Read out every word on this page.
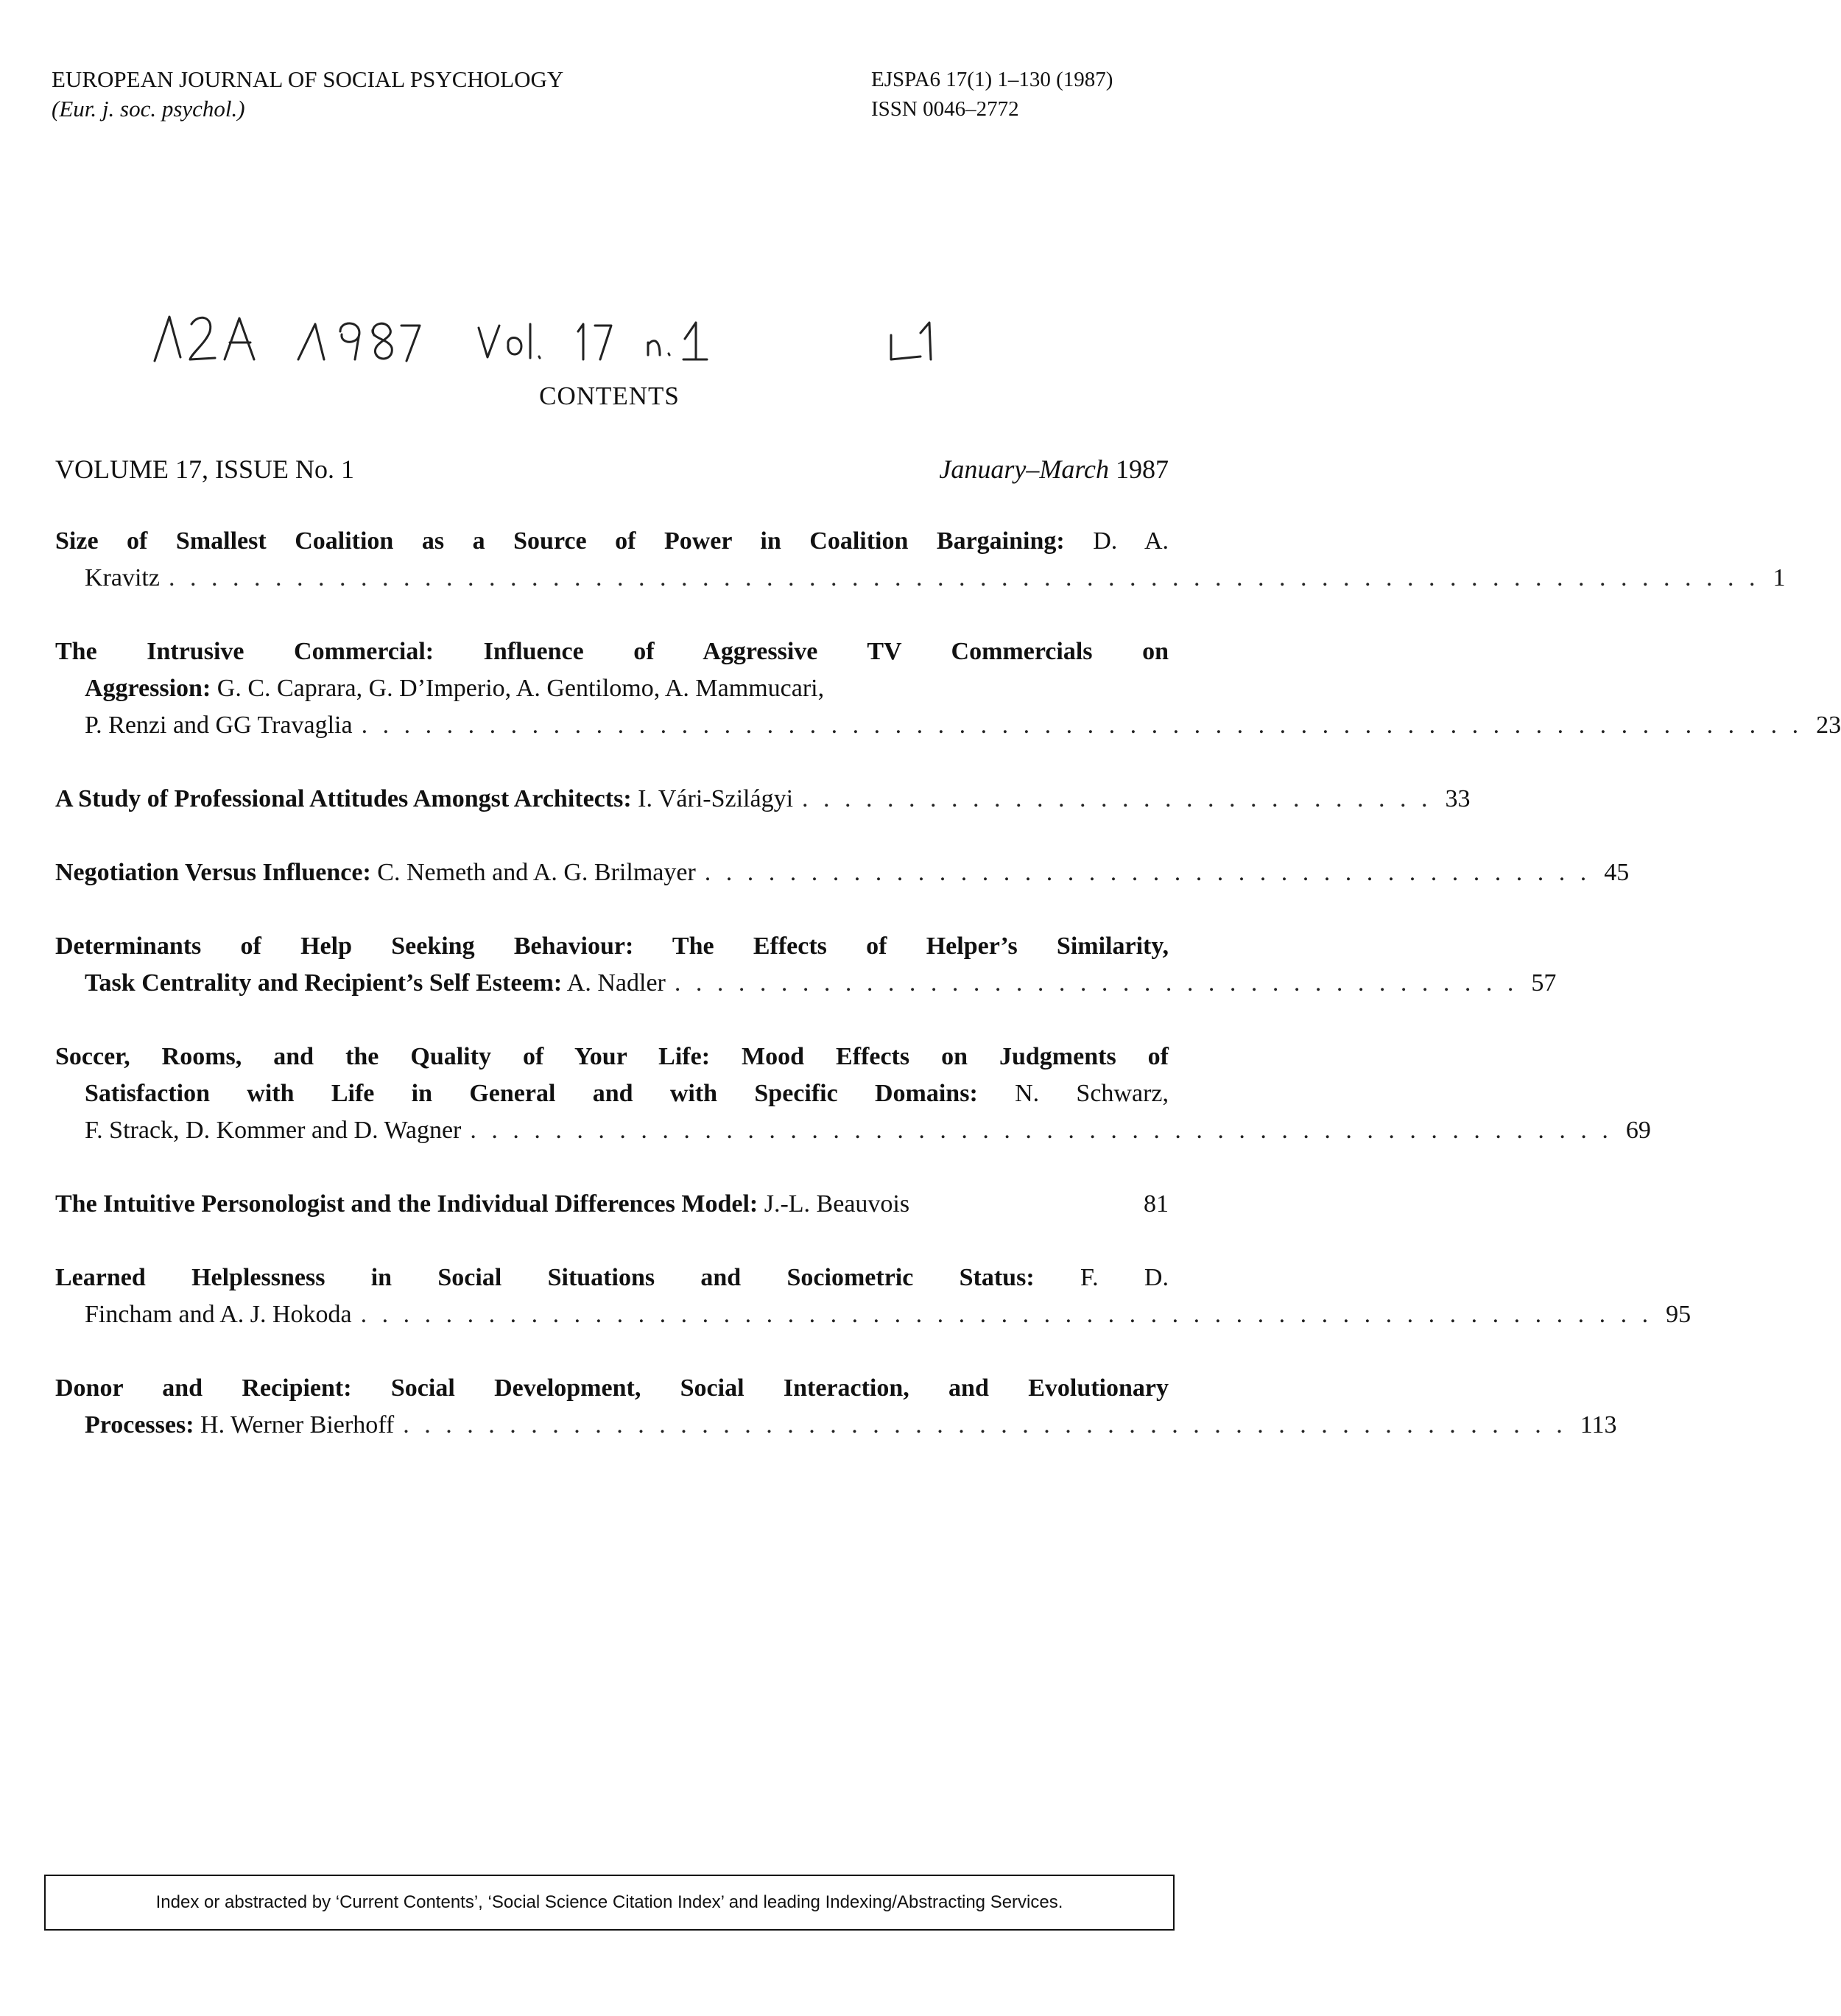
EUROPEAN JOURNAL OF SOCIAL PSYCHOLOGY
(Eur. j. soc. psychol.)
EJSPA6 17(1) 1–130 (1987)
ISSN 0046–2772
CONTENTS
VOLUME 17, ISSUE No. 1	January–March 1987
Size of Smallest Coalition as a Source of Power in Coalition Bargaining: D. A.
Kravitz . . . . . . . . . . . . . . . . . . . . . . . . . . . . . . . . . . . . . . . . . . . . . . . . . . . . . . . . . . . . . . . . . . . . . . . . . . . 1
The Intrusive Commercial: Influence of Aggressive TV Commercials on
Aggression: G. C. Caprara, G. D’Imperio, A. Gentilomo, A. Mammucari,
P. Renzi and GG Travaglia . . . . . . . . . . . . . . . . . . . . . . . . . . . . . . . . . . . . . . . . . . . . . . . . . . . . . . . . . . . . . . . . . . . . 23
A Study of Professional Attitudes Amongst Architects: I. Vári-Szilágyi . . . . . . . . . . . . . . . . . . . . . . . . . . . . . . 33
Negotiation Versus Influence: C. Nemeth and A. G. Brilmayer . . . . . . . . . . . . . . . . . . . . . . . . . . . . . . . . . . . . . . . . . . 45
Determinants of Help Seeking Behaviour: The Effects of Helper’s Similarity,
Task Centrality and Recipient’s Self Esteem: A. Nadler . . . . . . . . . . . . . . . . . . . . . . . . . . . . . . . . . . . . . . . . 57
Soccer, Rooms, and the Quality of Your Life: Mood Effects on Judgments of
Satisfaction with Life in General and with Specific Domains: N. Schwarz,
F. Strack, D. Kommer and D. Wagner . . . . . . . . . . . . . . . . . . . . . . . . . . . . . . . . . . . . . . . . . . . . . . . . . . . . . . 69
The Intuitive Personologist and the Individual Differences Model: J.-L. Beauvois	81
Learned Helplessness in Social Situations and Sociometric Status: F. D.
Fincham and A. J. Hokoda . . . . . . . . . . . . . . . . . . . . . . . . . . . . . . . . . . . . . . . . . . . . . . . . . . . . . . . . . . . . . 95
Donor and Recipient: Social Development, Social Interaction, and Evolutionary
Processes: H. Werner Bierhoff . . . . . . . . . . . . . . . . . . . . . . . . . . . . . . . . . . . . . . . . . . . . . . . . . . . . . . . 113
Index or abstracted by ‘Current Contents’, ‘Social Science Citation Index’ and leading Indexing/Abstracting Services.
